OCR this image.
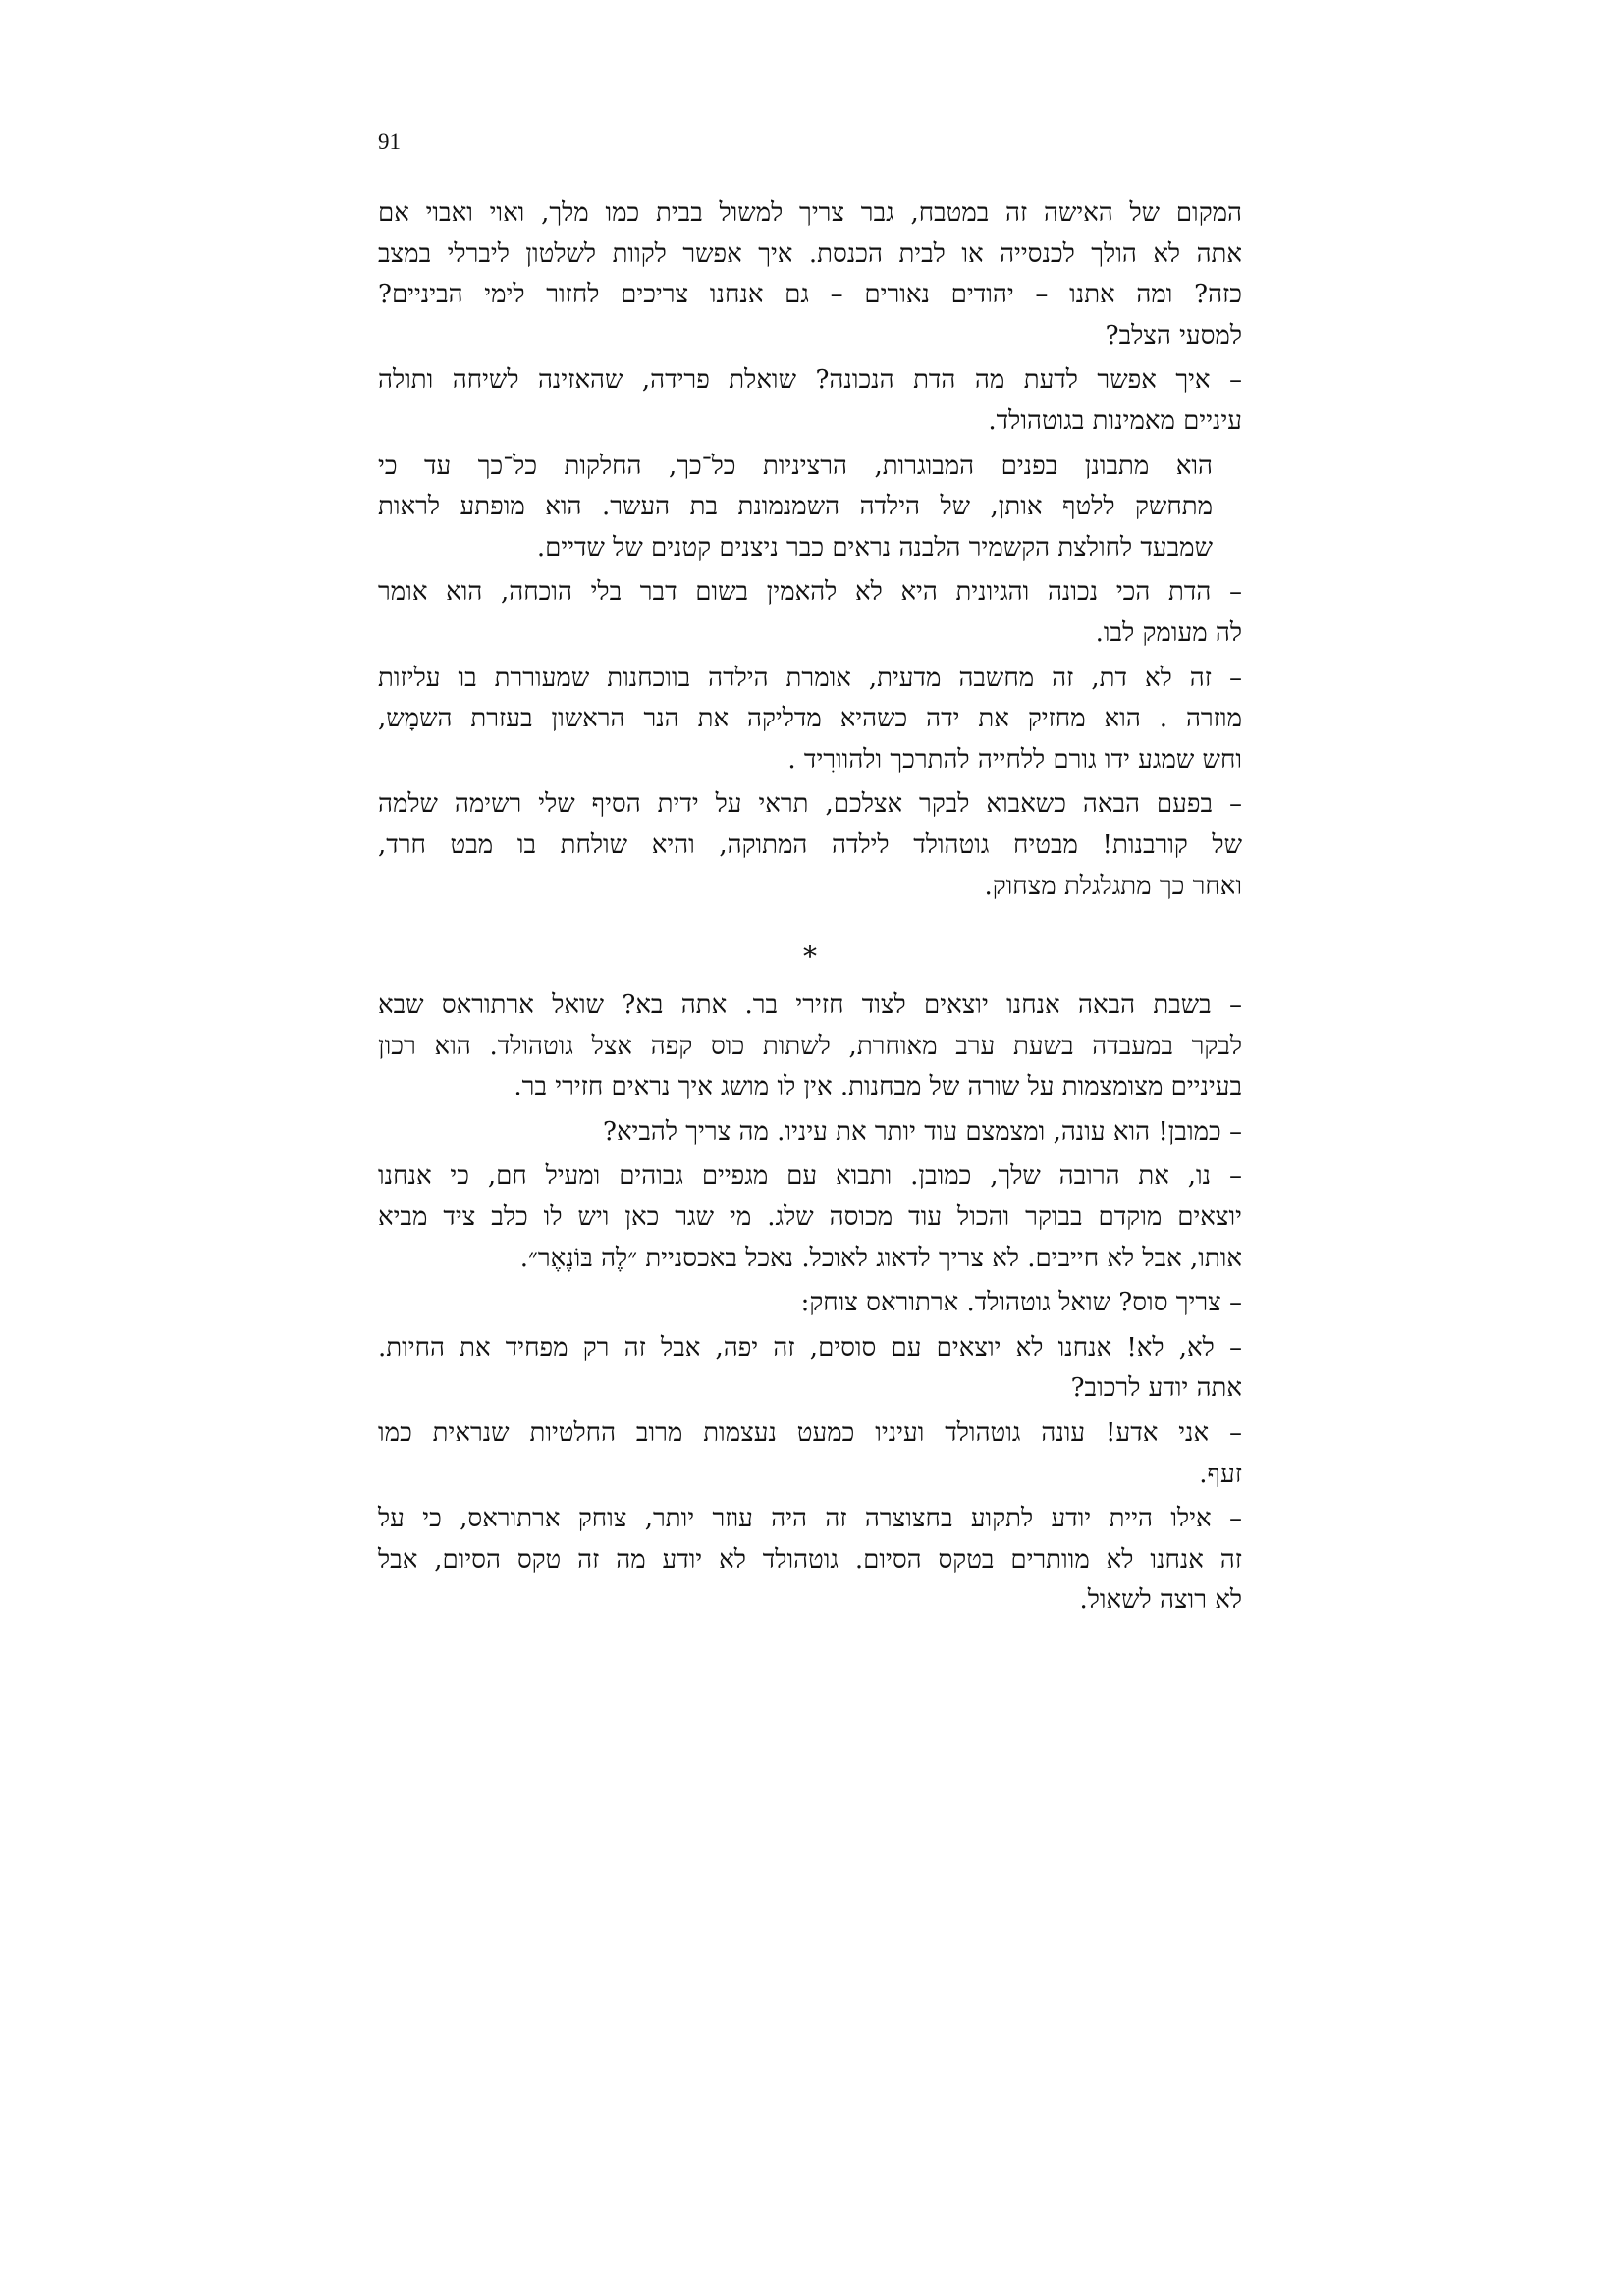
91
המקום של האישה זה במטבח, גבר צריך למשול בבית כמו מלך, ואוי ואבוי אם
אתה לא הולך לכנסייה או לבית הכנסת. איך אפשר לקוות לשלטון ליברלי במצב
כזה? ומה אתנו – יהודים נאורים – גם אנחנו צריכים לחזור לימי הביניים?
למסעי הצלב?
– איך אפשר לדעת מה הדת הנכונה? שואלת פרידה, שהאזינה לשיחה ותולה
עיניים מאמינות בגוטהולד.
הוא מתבונן בפנים המבוגרות, הרציניות כל־כך, החלקות כל־כך עד כי
מתחשק ללטף אותן, של הילדה השמנמונת בת העשר. הוא מופתע לראות
שמבעד לחולצת הקשמיר הלבנה נראים כבר ניצנים קטנים של שדיים.
– הדת הכי נכונה והגיונית היא לא להאמין בשום דבר בלי הוכחה, הוא אומר
לה מעומק לבו.
– זה לא דת, זה מחשבה מדעית, אומרת הילדה בווכחנות שמעוררת בו עליזות
מוזרה . הוא מחזיק את ידה כשהיא מדליקה את הנר הראשון בעזרת השמָש,
וחש שמגע ידו גורם ללחייה להתרכך ולהוורִיד .
– בפעם הבאה כשאבוא לבקר אצלכם, תראי על ידית הסיף שלי רשימה שלמה
של קורבנות! מבטיח גוטהולד לילדה המתוקה, והיא שולחת בו מבט חרד,
ואחר כך מתגלגלת מצחוק.
*
– בשבת הבאה אנחנו יוצאים לצוד חזירי בר. אתה בא? שואל ארתוראס שבא
לבקר במעבדה בשעת ערב מאוחרת, לשתות כוס קפה אצל גוטהולד. הוא רכון
בעיניים מצומצמות על שורה של מבחנות. אין לו מושג איך נראים חזירי בר.
– כמובן! הוא עונה, ומצמצם עוד יותר את עיניו. מה צריך להביא?
– נו, את הרובה שלך, כמובן. ותבוא עם מגפיים גבוהים ומעיל חם, כי אנחנו
יוצאים מוקדם בבוקר והכול עוד מכוסה שלג. מי שגר כאן ויש לו כלב ציד מביא
אותו, אבל לא חייבים. לא צריך לדאוג לאוכל. נאכל באכסניית ״לֶה בּוֹנֶאֶר״.
– צריך סוס? שואל גוטהולד. ארתוראס צוחק:
– לא, לא! אנחנו לא יוצאים עם סוסים, זה יפה, אבל זה רק מפחיד את החיות.
אתה יודע לרכוב?
– אני אדע! עונה גוטהולד ועיניו כמעט נעצמות מרוב החלטיות שנראית כמו
זעף.
– אילו היית יודע לתקוע בחצוצרה זה היה עוזר יותר, צוחק ארתוראס, כי על
זה אנחנו לא מוותרים בטקס הסיום. גוטהולד לא יודע מה זה טקס הסיום, אבל
לא רוצה לשאול.
